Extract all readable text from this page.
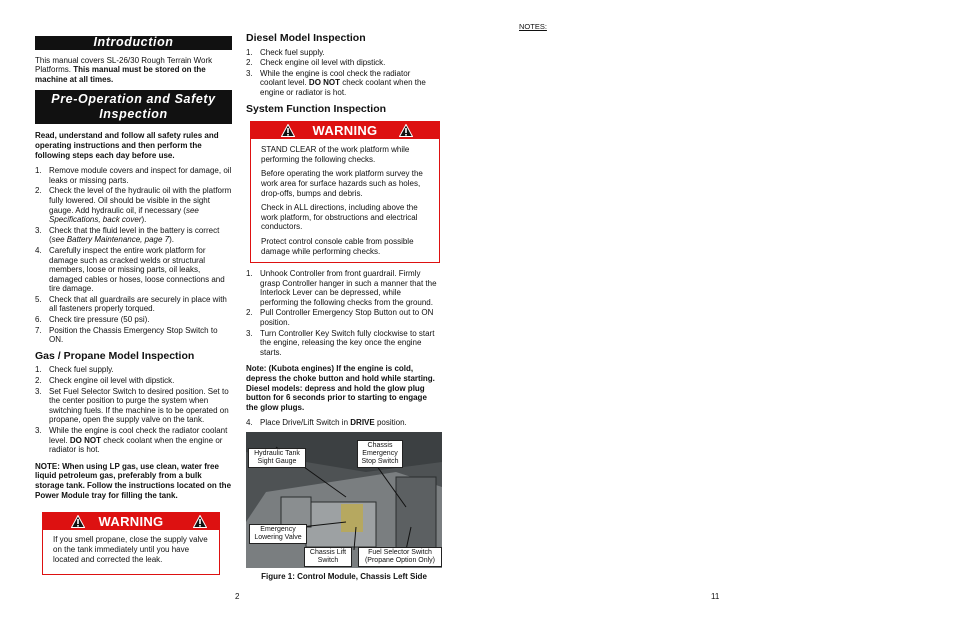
Introduction

This manual covers SL-26/30 Rough Terrain Work Platforms. This manual must be stored on the machine at all times.

Pre-Operation and Safety
Inspection

Read, understand and follow all safety rules and operating instructions and then perform the following steps each day before use.

1. Remove module covers and inspect for damage, oil leaks or missing parts.
2. Check the level of the hydraulic oil with the platform fully lowered. Oil should be visible in the sight gauge. Add hydraulic oil, if necessary (see Specifications, back cover).
3. Check that the fluid level in the battery is correct (see Battery Maintenance, page 7).
4. Carefully inspect the entire work platform for damage such as cracked welds or structural members, loose or missing parts, oil leaks, damaged cables or hoses, loose connections and tire damage.
5. Check that all guardrails are securely in place with all fasteners properly torqued.
6. Check tire pressure (50 psi).
7. Position the Chassis Emergency Stop Switch to ON.
Gas / Propane Model Inspection
1. Check fuel supply.
2. Check engine oil level with dipstick.
3. Set Fuel Selector Switch to desired position. Set to the center position to purge the system when switching fuels. If the machine is to be operated on propane, open the supply valve on the tank.
3. While the engine is cool check the radiator coolant level. DO NOT check coolant when the engine or radiator is hot.

NOTE: When using LP gas, use clean, water free liquid petroleum gas, preferably from a bulk storage tank. Follow the instructions located on the Power Module tray for filling the tank.

WARNING

If you smell propane, close the supply valve on the tank immediately until you have located and corrected the leak.

2
Diesel Model Inspection
1. Check fuel supply.
2. Check engine oil level with dipstick.
3. While the engine is cool check the radiator coolant level. DO NOT check coolant when the engine or radiator is hot.
System Function Inspection
WARNING

STAND CLEAR of the work platform while performing the following checks.

Before operating the work platform survey the work area for surface hazards such as holes, drop-offs, bumps and debris.

Check in ALL directions, including above the work platform, for obstructions and electrical conductors.

Protect control console cable from possible damage while performing checks.

1. Unhook Controller from front guardrail. Firmly grasp Controller hanger in such a manner that the Interlock Lever can be depressed, while performing the following checks from the ground.
2. Pull Controller Emergency Stop Button out to ON position.
3. Turn Controller Key Switch fully clockwise to start the engine, releasing the key once the engine starts.

Note: (Kubota engines) If the engine is cold, depress the choke button and hold while starting. Diesel models: depress and hold the glow plug button for 6 seconds prior to starting to engage the glow plugs.

4. Place Drive/Lift Switch in DRIVE position.
Hydraulic Tank
Sight Gauge
Chassis
Emergency
Stop Switch
Emergency
Lowering Valve
Chassis Lift
Switch
Fuel Selector Switch
(Propane Option Only)
Figure 1: Control Module, Chassis Left Side
NOTES:
11
